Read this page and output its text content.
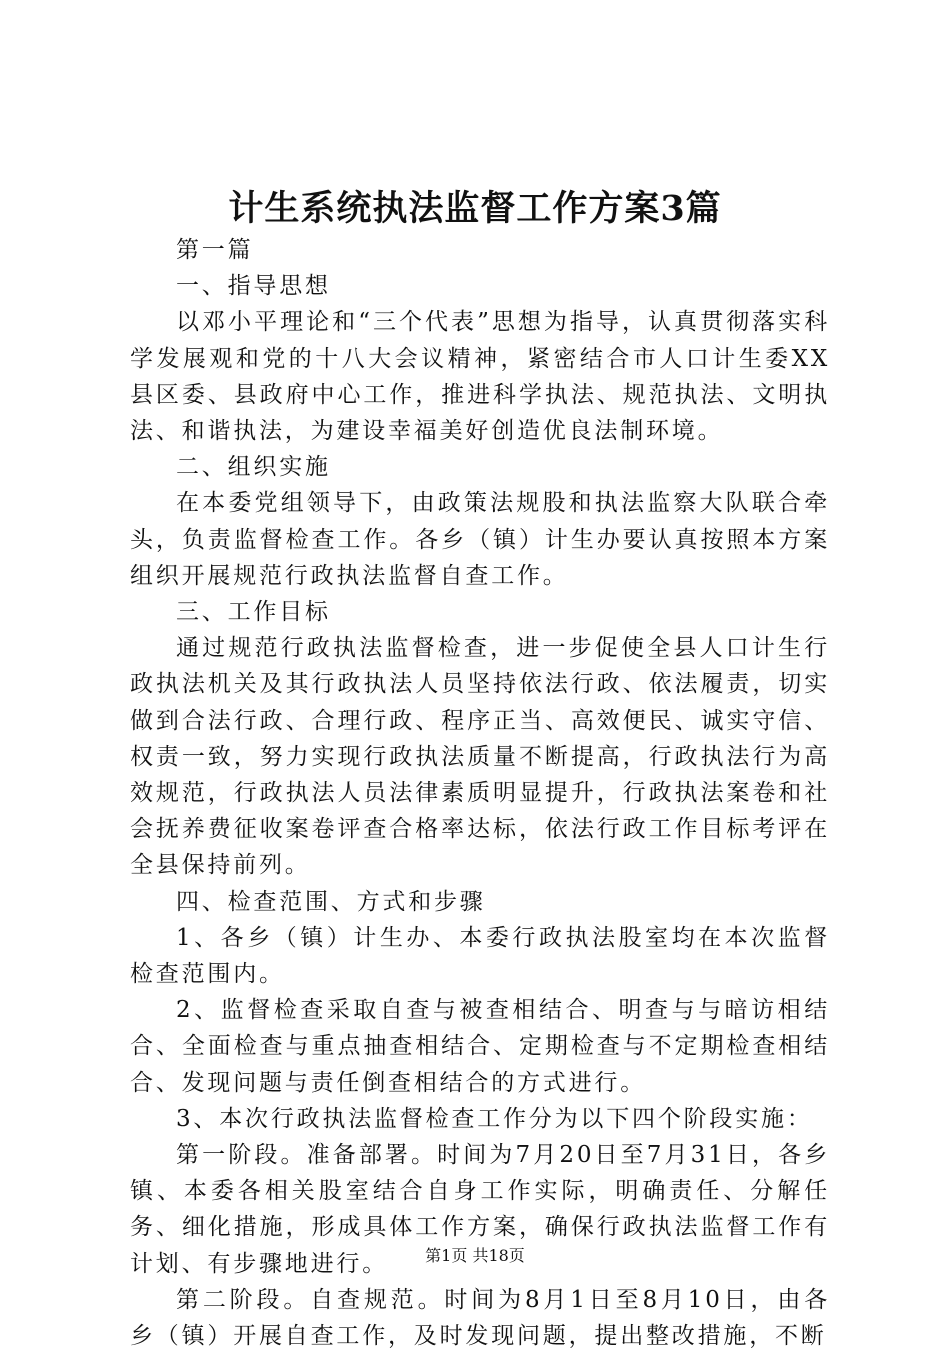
计生系统执法监督工作方案3篇

第一篇

一、指导思想

以邓小平理论和“三个代表”思想为指导，认真贯彻落实科学发展观和党的十八大会议精神，紧密结合市人口计生委XX县区委、县政府中心工作，推进科学执法、规范执法、文明执法、和谐执法，为建设幸福美好创造优良法制环境。

二、组织实施

在本委党组领导下，由政策法规股和执法监察大队联合牵头，负责监督检查工作。各乡（镇）计生办要认真按照本方案组织开展规范行政执法监督自查工作。

三、工作目标

通过规范行政执法监督检查，进一步促使全县人口计生行政执法机关及其行政执法人员坚持依法行政、依法履责，切实做到合法行政、合理行政、程序正当、高效便民、诚实守信、权责一致，努力实现行政执法质量不断提高，行政执法行为高效规范，行政执法人员法律素质明显提升，行政执法案卷和社会抚养费征收案卷评查合格率达标，依法行政工作目标考评在全县保持前列。

四、检查范围、方式和步骤

1、各乡（镇）计生办、本委行政执法股室均在本次监督检查范围内。

2、监督检查采取自查与被查相结合、明查与与暗访相结合、全面检查与重点抽查相结合、定期检查与不定期检查相结合、发现问题与责任倒查相结合的方式进行。

3、本次行政执法监督检查工作分为以下四个阶段实施：

第一阶段。准备部署。时间为7月20日至7月31日，各乡镇、本委各相关股室结合自身工作实际，明确责任、分解任务、细化措施，形成具体工作方案，确保行政执法监督工作有计划、有步骤地进行。

第二阶段。自查规范。时间为8月1日至8月10日，由各乡（镇）开展自查工作，及时发现问题，提出整改措施，不断

第1页 共18页
